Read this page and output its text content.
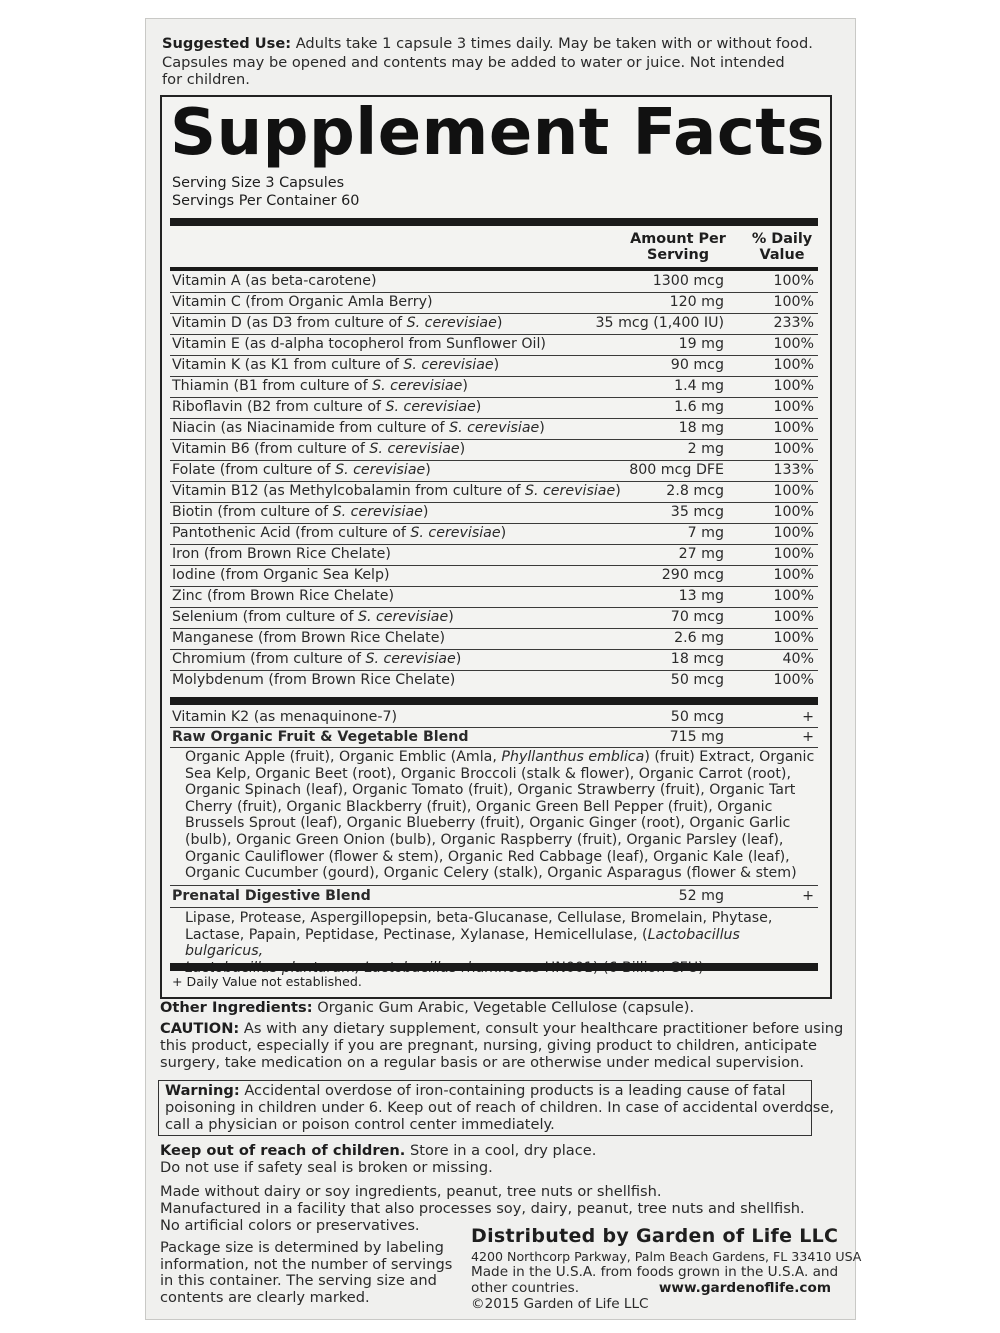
Suggested Use: Adults take 1 capsule 3 times daily. May be taken with or without food.
Capsules may be opened and contents may be added to water or juice. Not intended
for children.
Supplement Facts
Serving Size 3 Capsules
Servings Per Container 60
Amount Per
Serving
% Daily
Value
Vitamin A (as beta-carotene)	1300 mcg	100%
Vitamin C (from Organic Amla Berry)	120 mg	100%
Vitamin D (as D3 from culture of S. cerevisiae)	35 mcg (1,400 IU)	233%
Vitamin E (as d-alpha tocopherol from Sunflower Oil)	19 mg	100%
Vitamin K (as K1 from culture of S. cerevisiae)	90 mcg	100%
Thiamin (B1 from culture of S. cerevisiae)	1.4 mg	100%
Riboflavin (B2 from culture of S. cerevisiae)	1.6 mg	100%
Niacin (as Niacinamide from culture of S. cerevisiae)	18 mg	100%
Vitamin B6 (from culture of S. cerevisiae)	2 mg	100%
Folate (from culture of S. cerevisiae)	800 mcg DFE	133%
Vitamin B12 (as Methylcobalamin from culture of S. cerevisiae)	2.8 mcg	100%
Biotin (from culture of S. cerevisiae)	35 mcg	100%
Pantothenic Acid (from culture of S. cerevisiae)	7 mg	100%
Iron (from Brown Rice Chelate)	27 mg	100%
Iodine (from Organic Sea Kelp)	290 mcg	100%
Zinc (from Brown Rice Chelate)	13 mg	100%
Selenium (from culture of S. cerevisiae)	70 mcg	100%
Manganese (from Brown Rice Chelate)	2.6 mg	100%
Chromium (from culture of S. cerevisiae)	18 mcg	40%
Molybdenum (from Brown Rice Chelate)	50 mcg	100%
Vitamin K2 (as menaquinone-7)	50 mcg	+
Raw Organic Fruit & Vegetable Blend	715 mg	+
Organic Apple (fruit), Organic Emblic (Amla, Phyllanthus emblica) (fruit) Extract, Organic
Sea Kelp, Organic Beet (root), Organic Broccoli (stalk & flower), Organic Carrot (root),
Organic Spinach (leaf), Organic Tomato (fruit), Organic Strawberry (fruit), Organic Tart
Cherry (fruit), Organic Blackberry (fruit), Organic Green Bell Pepper (fruit), Organic
Brussels Sprout (leaf), Organic Blueberry (fruit), Organic Ginger (root), Organic Garlic
(bulb), Organic Green Onion (bulb), Organic Raspberry (fruit), Organic Parsley (leaf),
Organic Cauliflower (flower & stem), Organic Red Cabbage (leaf), Organic Kale (leaf),
Organic Cucumber (gourd), Organic Celery (stalk), Organic Asparagus (flower & stem)
Prenatal Digestive Blend	52 mg	+
Lipase, Protease, Aspergillopepsin, beta-Glucanase, Cellulase, Bromelain, Phytase,
Lactase, Papain, Peptidase, Pectinase, Xylanase, Hemicellulase, (Lactobacillus bulgaricus,
+ Daily Value not established.
Other Ingredients: Organic Gum Arabic, Vegetable Cellulose (capsule).
CAUTION: As with any dietary supplement, consult your healthcare practitioner before using
this product, especially if you are pregnant, nursing, giving product to children, anticipate
surgery, take medication on a regular basis or are otherwise under medical supervision.
Warning: Accidental overdose of iron-containing products is a leading cause of fatal
poisoning in children under 6. Keep out of reach of children. In case of accidental overdose,
call a physician or poison control center immediately.
Keep out of reach of children. Store in a cool, dry place.
Do not use if safety seal is broken or missing.
Made without dairy or soy ingredients, peanut, tree nuts or shellfish.
Manufactured in a facility that also processes soy, dairy, peanut, tree nuts and shellfish.
No artificial colors or preservatives.
Package size is determined by labeling
information, not the number of servings
in this container. The serving size and
contents are clearly marked.
Distributed by Garden of Life LLC
4200 Northcorp Parkway, Palm Beach Gardens, FL 33410 USA
Made in the U.S.A. from foods grown in the U.S.A. and
other countries.	www.gardenoflife.com
©2015 Garden of Life LLC
